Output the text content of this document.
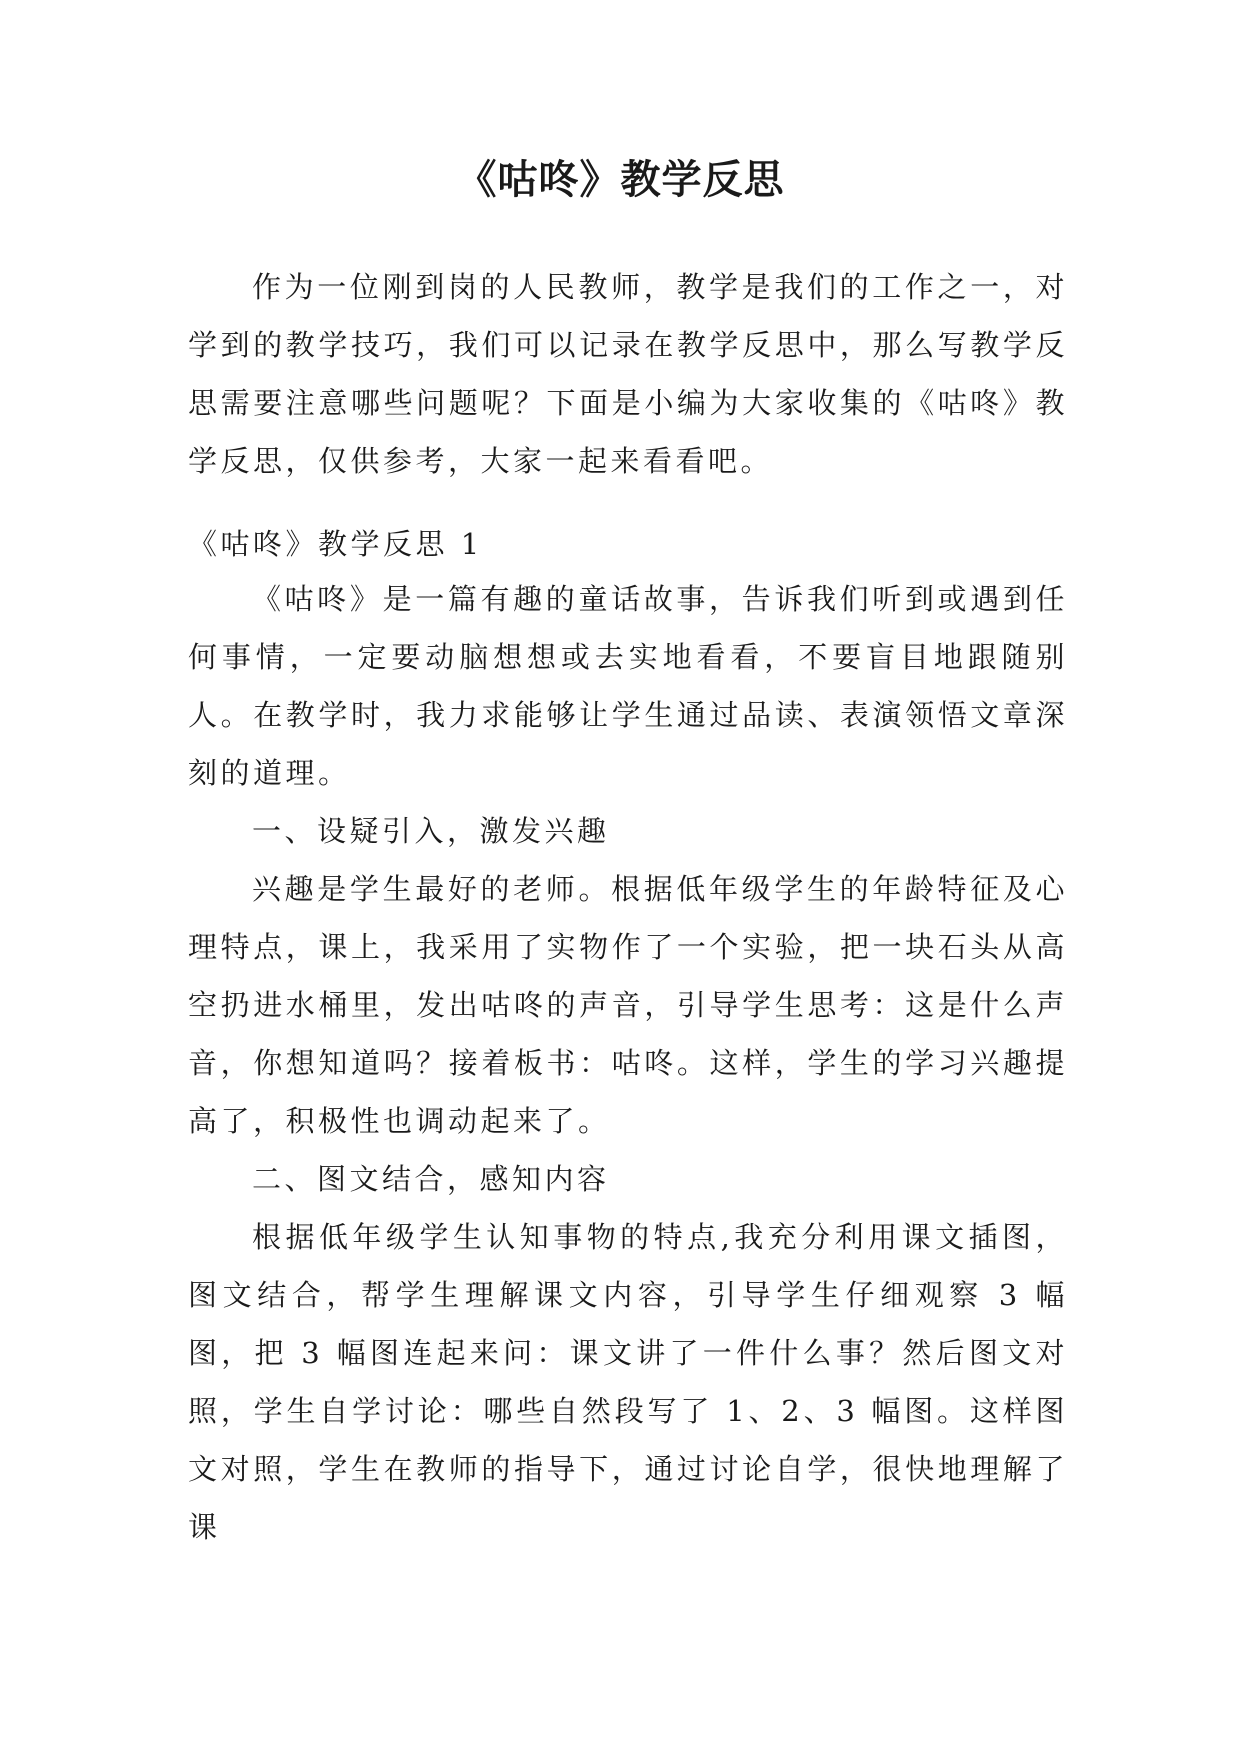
《咕咚》教学反思

作为一位刚到岗的人民教师，教学是我们的工作之一，对学到的教学技巧，我们可以记录在教学反思中，那么写教学反思需要注意哪些问题呢？下面是小编为大家收集的《咕咚》教学反思，仅供参考，大家一起来看看吧。

《咕咚》教学反思 1

《咕咚》是一篇有趣的童话故事，告诉我们听到或遇到任何事情，一定要动脑想想或去实地看看，不要盲目地跟随别人。在教学时，我力求能够让学生通过品读、表演领悟文章深刻的道理。

一、设疑引入，激发兴趣

兴趣是学生最好的老师。根据低年级学生的年龄特征及心理特点，课上，我采用了实物作了一个实验，把一块石头从高空扔进水桶里，发出咕咚的声音，引导学生思考：这是什么声音，你想知道吗？接着板书：咕咚。这样，学生的学习兴趣提高了，积极性也调动起来了。

二、图文结合，感知内容

根据低年级学生认知事物的特点,我充分利用课文插图，图文结合，帮学生理解课文内容，引导学生仔细观察 3 幅图，把 3 幅图连起来问：课文讲了一件什么事？然后图文对照，学生自学讨论：哪些自然段写了 1、2、3 幅图。这样图文对照，学生在教师的指导下，通过讨论自学，很快地理解了课
